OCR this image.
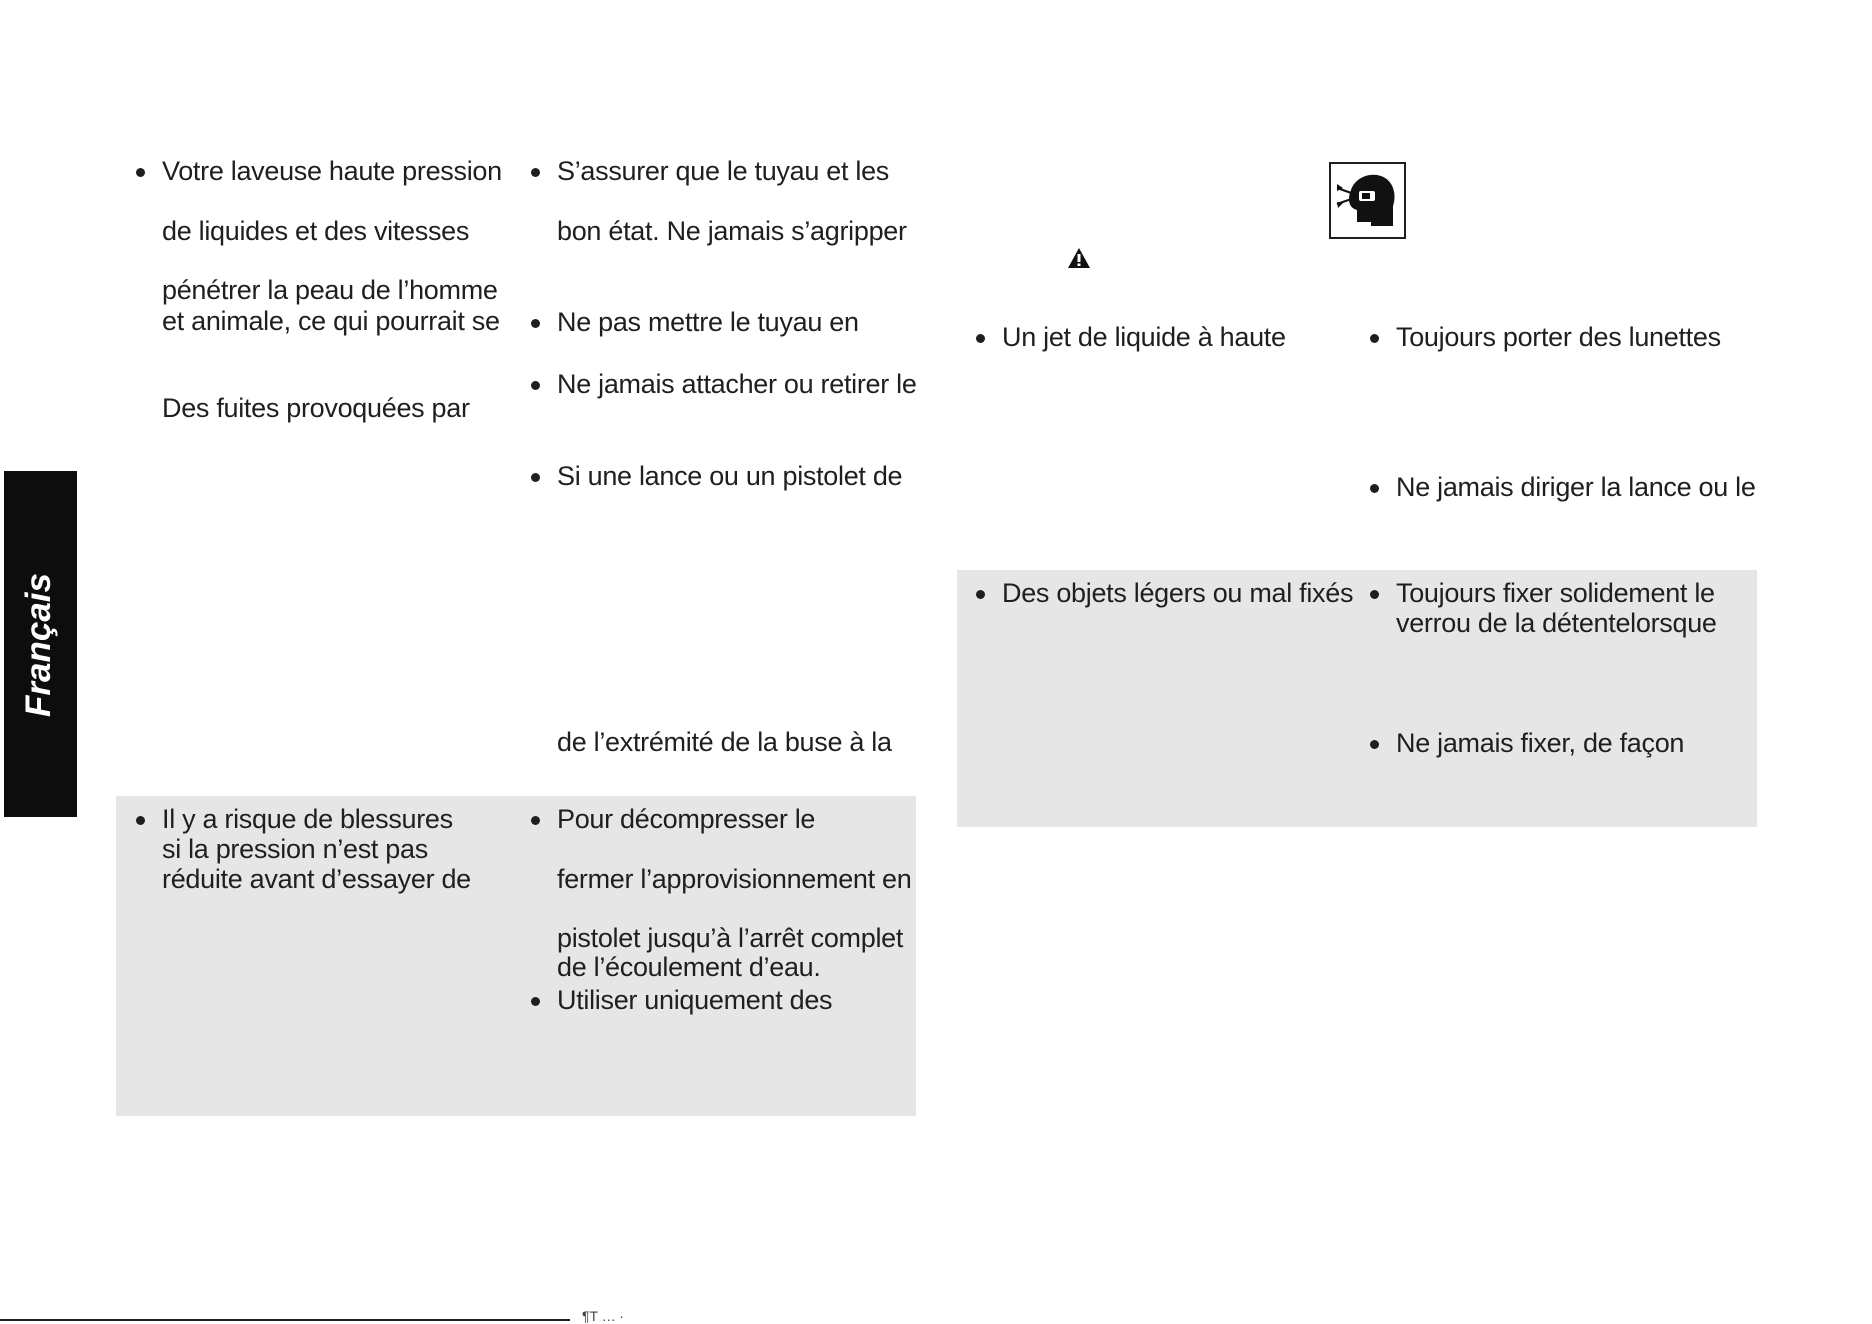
Français
Votre laveuse haute pression
de liquides et des vitesses
pénétrer la peau de l’homme
et animale, ce qui pourrait se
Des fuites provoquées par
Il y a risque de blessures
si la pression n’est pas
réduite avant d’essayer de
S’assurer que le tuyau et les
bon état. Ne jamais s’agripper
Ne pas mettre le tuyau en
Ne jamais attacher ou retirer le
Si une lance ou un pistolet de
de l’extrémité de la buse à la
Pour décompresser le
fermer l’approvisionnement en
pistolet jusqu’à l’arrêt complet
de l’écoulement d’eau.
Utiliser uniquement des
Un jet de liquide à haute
Des objets légers ou mal fixés
Toujours porter des lunettes
Ne jamais diriger la lance ou le
Toujours fixer solidement le
verrou de la détentelorsque
Ne jamais fixer, de façon
¶T … ∙
